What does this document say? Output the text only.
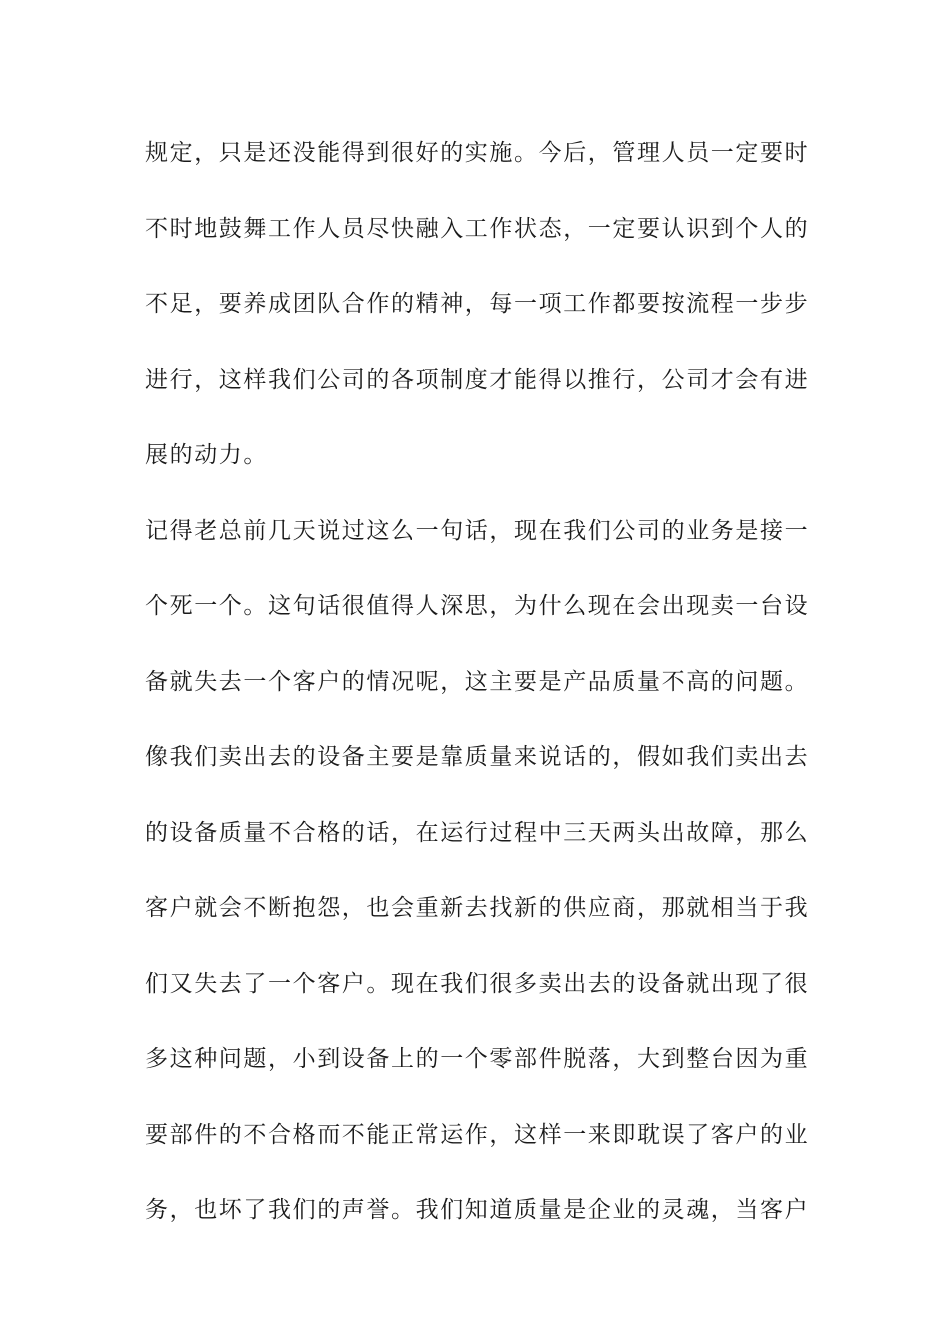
规定，只是还没能得到很好的实施。今后，管理人员一定要时
不时地鼓舞工作人员尽快融入工作状态，一定要认识到个人的
不足，要养成团队合作的精神，每一项工作都要按流程一步步
进行，这样我们公司的各项制度才能得以推行，公司才会有进
展的动力。
记得老总前几天说过这么一句话，现在我们公司的业务是接一
个死一个。这句话很值得人深思，为什么现在会出现卖一台设
备就失去一个客户的情况呢，这主要是产品质量不高的问题。
像我们卖出去的设备主要是靠质量来说话的，假如我们卖出去
的设备质量不合格的话，在运行过程中三天两头出故障，那么
客户就会不断抱怨，也会重新去找新的供应商，那就相当于我
们又失去了一个客户。现在我们很多卖出去的设备就出现了很
多这种问题，小到设备上的一个零部件脱落，大到整台因为重
要部件的不合格而不能正常运作，这样一来即耽误了客户的业
务，也坏了我们的声誉。我们知道质量是企业的灵魂，当客户
